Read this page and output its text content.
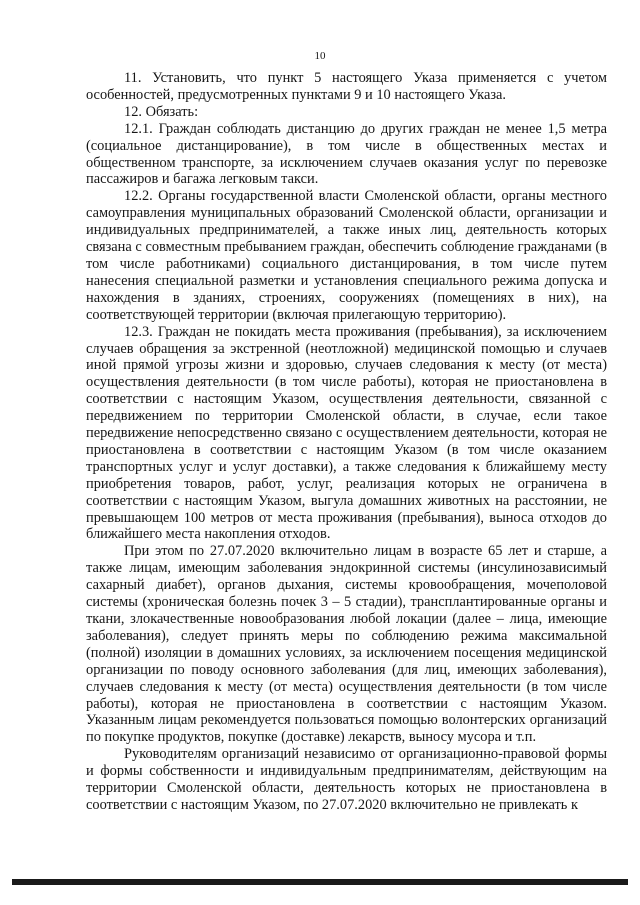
10

11. Установить, что пункт 5 настоящего Указа применяется с учетом особенностей, предусмотренных пунктами 9 и 10 настоящего Указа.

12. Обязать:

12.1. Граждан соблюдать дистанцию до других граждан не менее 1,5 метра (социальное дистанцирование), в том числе в общественных местах и общественном транспорте, за исключением случаев оказания услуг по перевозке пассажиров и багажа легковым такси.

12.2. Органы государственной власти Смоленской области, органы местного самоуправления муниципальных образований Смоленской области, организации и индивидуальных предпринимателей, а также иных лиц, деятельность которых связана с совместным пребыванием граждан, обеспечить соблюдение гражданами (в том числе работниками) социального дистанцирования, в том числе путем нанесения специальной разметки и установления специального режима допуска и нахождения в зданиях, строениях, сооружениях (помещениях в них), на соответствующей территории (включая прилегающую территорию).

12.3. Граждан не покидать места проживания (пребывания), за исключением случаев обращения за экстренной (неотложной) медицинской помощью и случаев иной прямой угрозы жизни и здоровью, случаев следования к месту (от места) осуществления деятельности (в том числе работы), которая не приостановлена в соответствии с настоящим Указом, осуществления деятельности, связанной с передвижением по территории Смоленской области, в случае, если такое передвижение непосредственно связано с осуществлением деятельности, которая не приостановлена в соответствии с настоящим Указом (в том числе оказанием транспортных услуг и услуг доставки), а также следования к ближайшему месту приобретения товаров, работ, услуг, реализация которых не ограничена в соответствии с настоящим Указом, выгула домашних животных на расстоянии, не превышающем 100 метров от места проживания (пребывания), выноса отходов до ближайшего места накопления отходов.

При этом по 27.07.2020 включительно лицам в возрасте 65 лет и старше, а также лицам, имеющим заболевания эндокринной системы (инсулинозависимый сахарный диабет), органов дыхания, системы кровообращения, мочеполовой системы (хроническая болезнь почек 3 – 5 стадии), трансплантированные органы и ткани, злокачественные новообразования любой локации (далее – лица, имеющие заболевания), следует принять меры по соблюдению режима максимальной (полной) изоляции в домашних условиях, за исключением посещения медицинской организации по поводу основного заболевания (для лиц, имеющих заболевания), случаев следования к месту (от места) осуществления деятельности (в том числе работы), которая не приостановлена в соответствии с настоящим Указом. Указанным лицам рекомендуется пользоваться помощью волонтерских организаций по покупке продуктов, покупке (доставке) лекарств, выносу мусора и т.п.

Руководителям организаций независимо от организационно-правовой формы и формы собственности и индивидуальным предпринимателям, действующим на территории Смоленской области, деятельность которых не приостановлена в соответствии с настоящим Указом, по 27.07.2020 включительно не привлекать к
